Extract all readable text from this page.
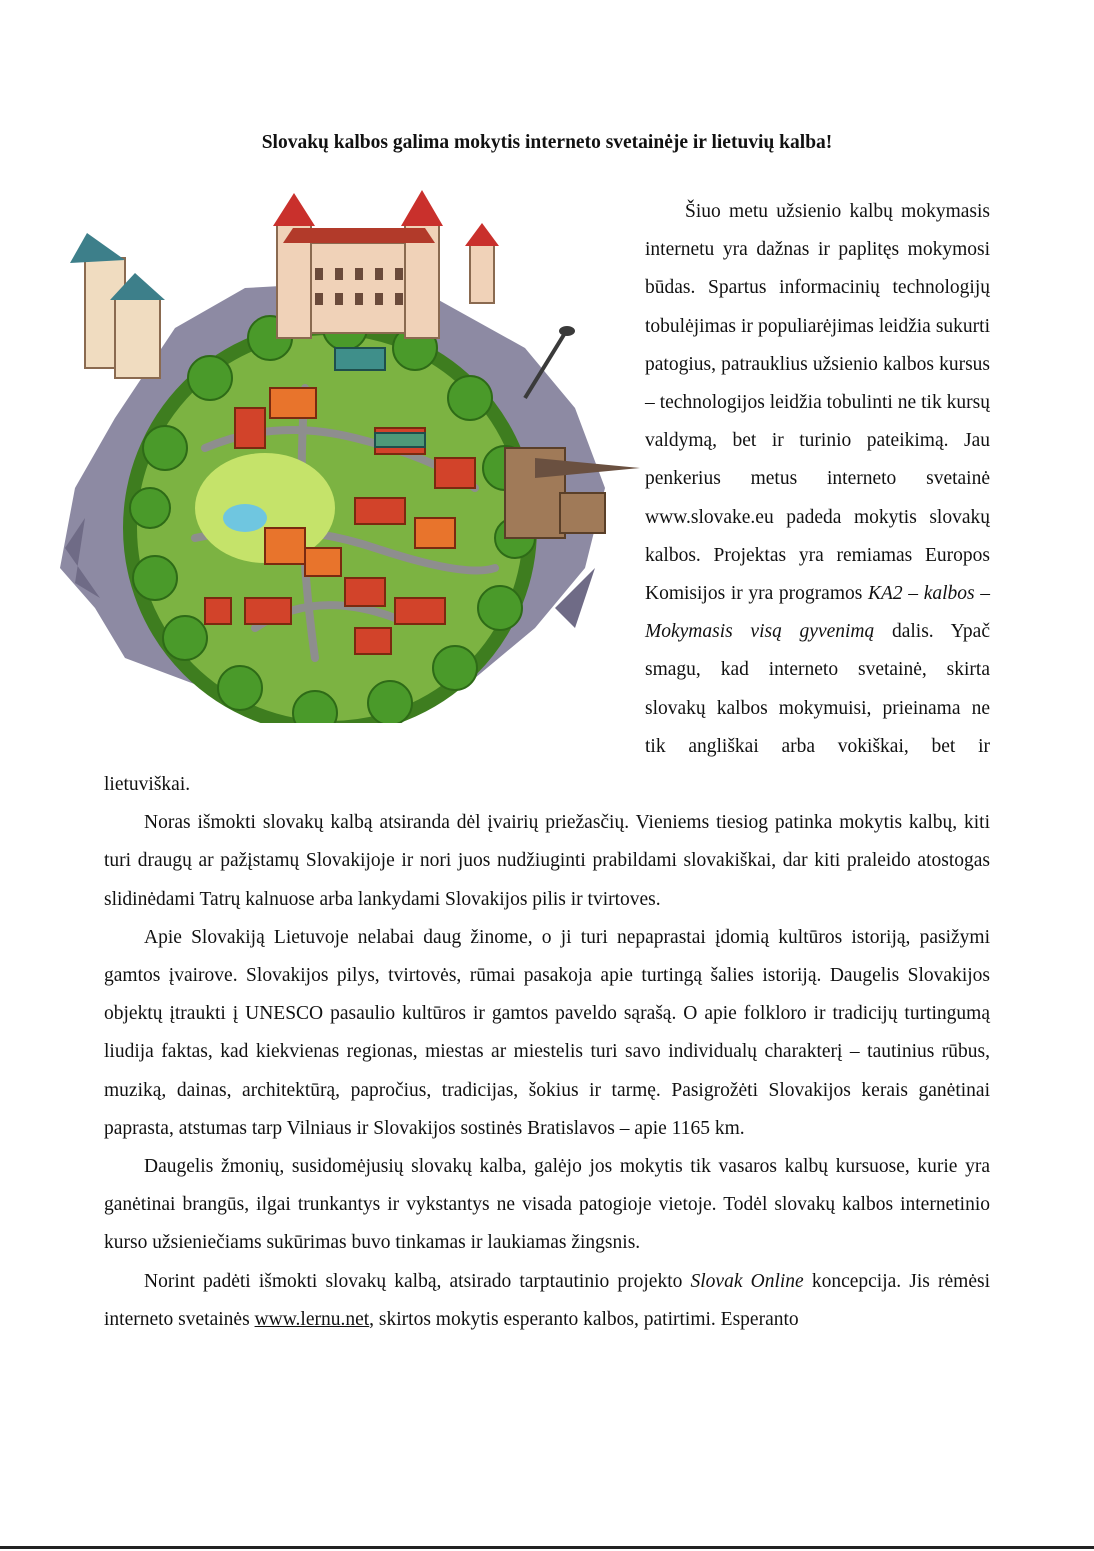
Slovakų kalbos galima mokytis interneto svetainėje ir lietuvių kalba!

Šiuo metu užsienio kalbų mokymasis internetu yra dažnas ir paplitęs mokymosi būdas. Spartus informacinių technologijų tobulėjimas ir populiarėjimas leidžia sukurti patogius, patrauklius užsienio kalbos kursus – technologijos leidžia tobulinti ne tik kursų valdymą, bet ir turinio pateikimą. Jau penkerius metus interneto svetainė www.slovake.eu padeda mokytis slovakų kalbos. Projektas yra remiamas Europos Komisijos ir yra programos KA2 – kalbos – Mokymasis visą gyvenimą dalis. Ypač smagu, kad interneto svetainė, skirta slovakų kalbos mokymuisi, prieinama ne tik angliškai arba vokiškai, bet ir lietuviškai.

Noras išmokti slovakų kalbą atsiranda dėl įvairių priežasčių. Vieniems tiesiog patinka mokytis kalbų, kiti turi draugų ar pažįstamų Slovakijoje ir nori juos nudžiuginti prabildami slovakiškai, dar kiti praleido atostogas slidinėdami Tatrų kalnuose arba lankydami Slovakijos pilis ir tvirtoves.

Apie Slovakiją Lietuvoje nelabai daug žinome, o ji turi nepaprastai įdomią kultūros istoriją, pasižymi gamtos įvairove. Slovakijos pilys, tvirtovės, rūmai pasakoja apie turtingą šalies istoriją. Daugelis Slovakijos objektų įtraukti į UNESCO pasaulio kultūros ir gamtos paveldo sąrašą. O apie folkloro ir tradicijų turtingumą liudija faktas, kad kiekvienas regionas, miestas ar miestelis turi savo individualų charakterį – tautinius rūbus, muziką, dainas, architektūrą, papročius, tradicijas, šokius ir tarmę. Pasigrožėti Slovakijos kerais ganėtinai paprasta, atstumas tarp Vilniaus ir Slovakijos sostinės Bratislavos – apie 1165 km.

Daugelis žmonių, susidomėjusių slovakų kalba, galėjo jos mokytis tik vasaros kalbų kursuose, kurie yra ganėtinai brangūs, ilgai trunkantys ir vykstantys ne visada patogioje vietoje. Todėl slovakų kalbos internetinio kurso užsieniečiams sukūrimas buvo tinkamas ir laukiamas žingsnis.

Norint padėti išmokti slovakų kalbą, atsirado tarptautinio projekto Slovak Online koncepcija. Jis rėmėsi interneto svetainės www.lernu.net, skirtos mokytis esperanto kalbos, patirtimi. Esperanto
